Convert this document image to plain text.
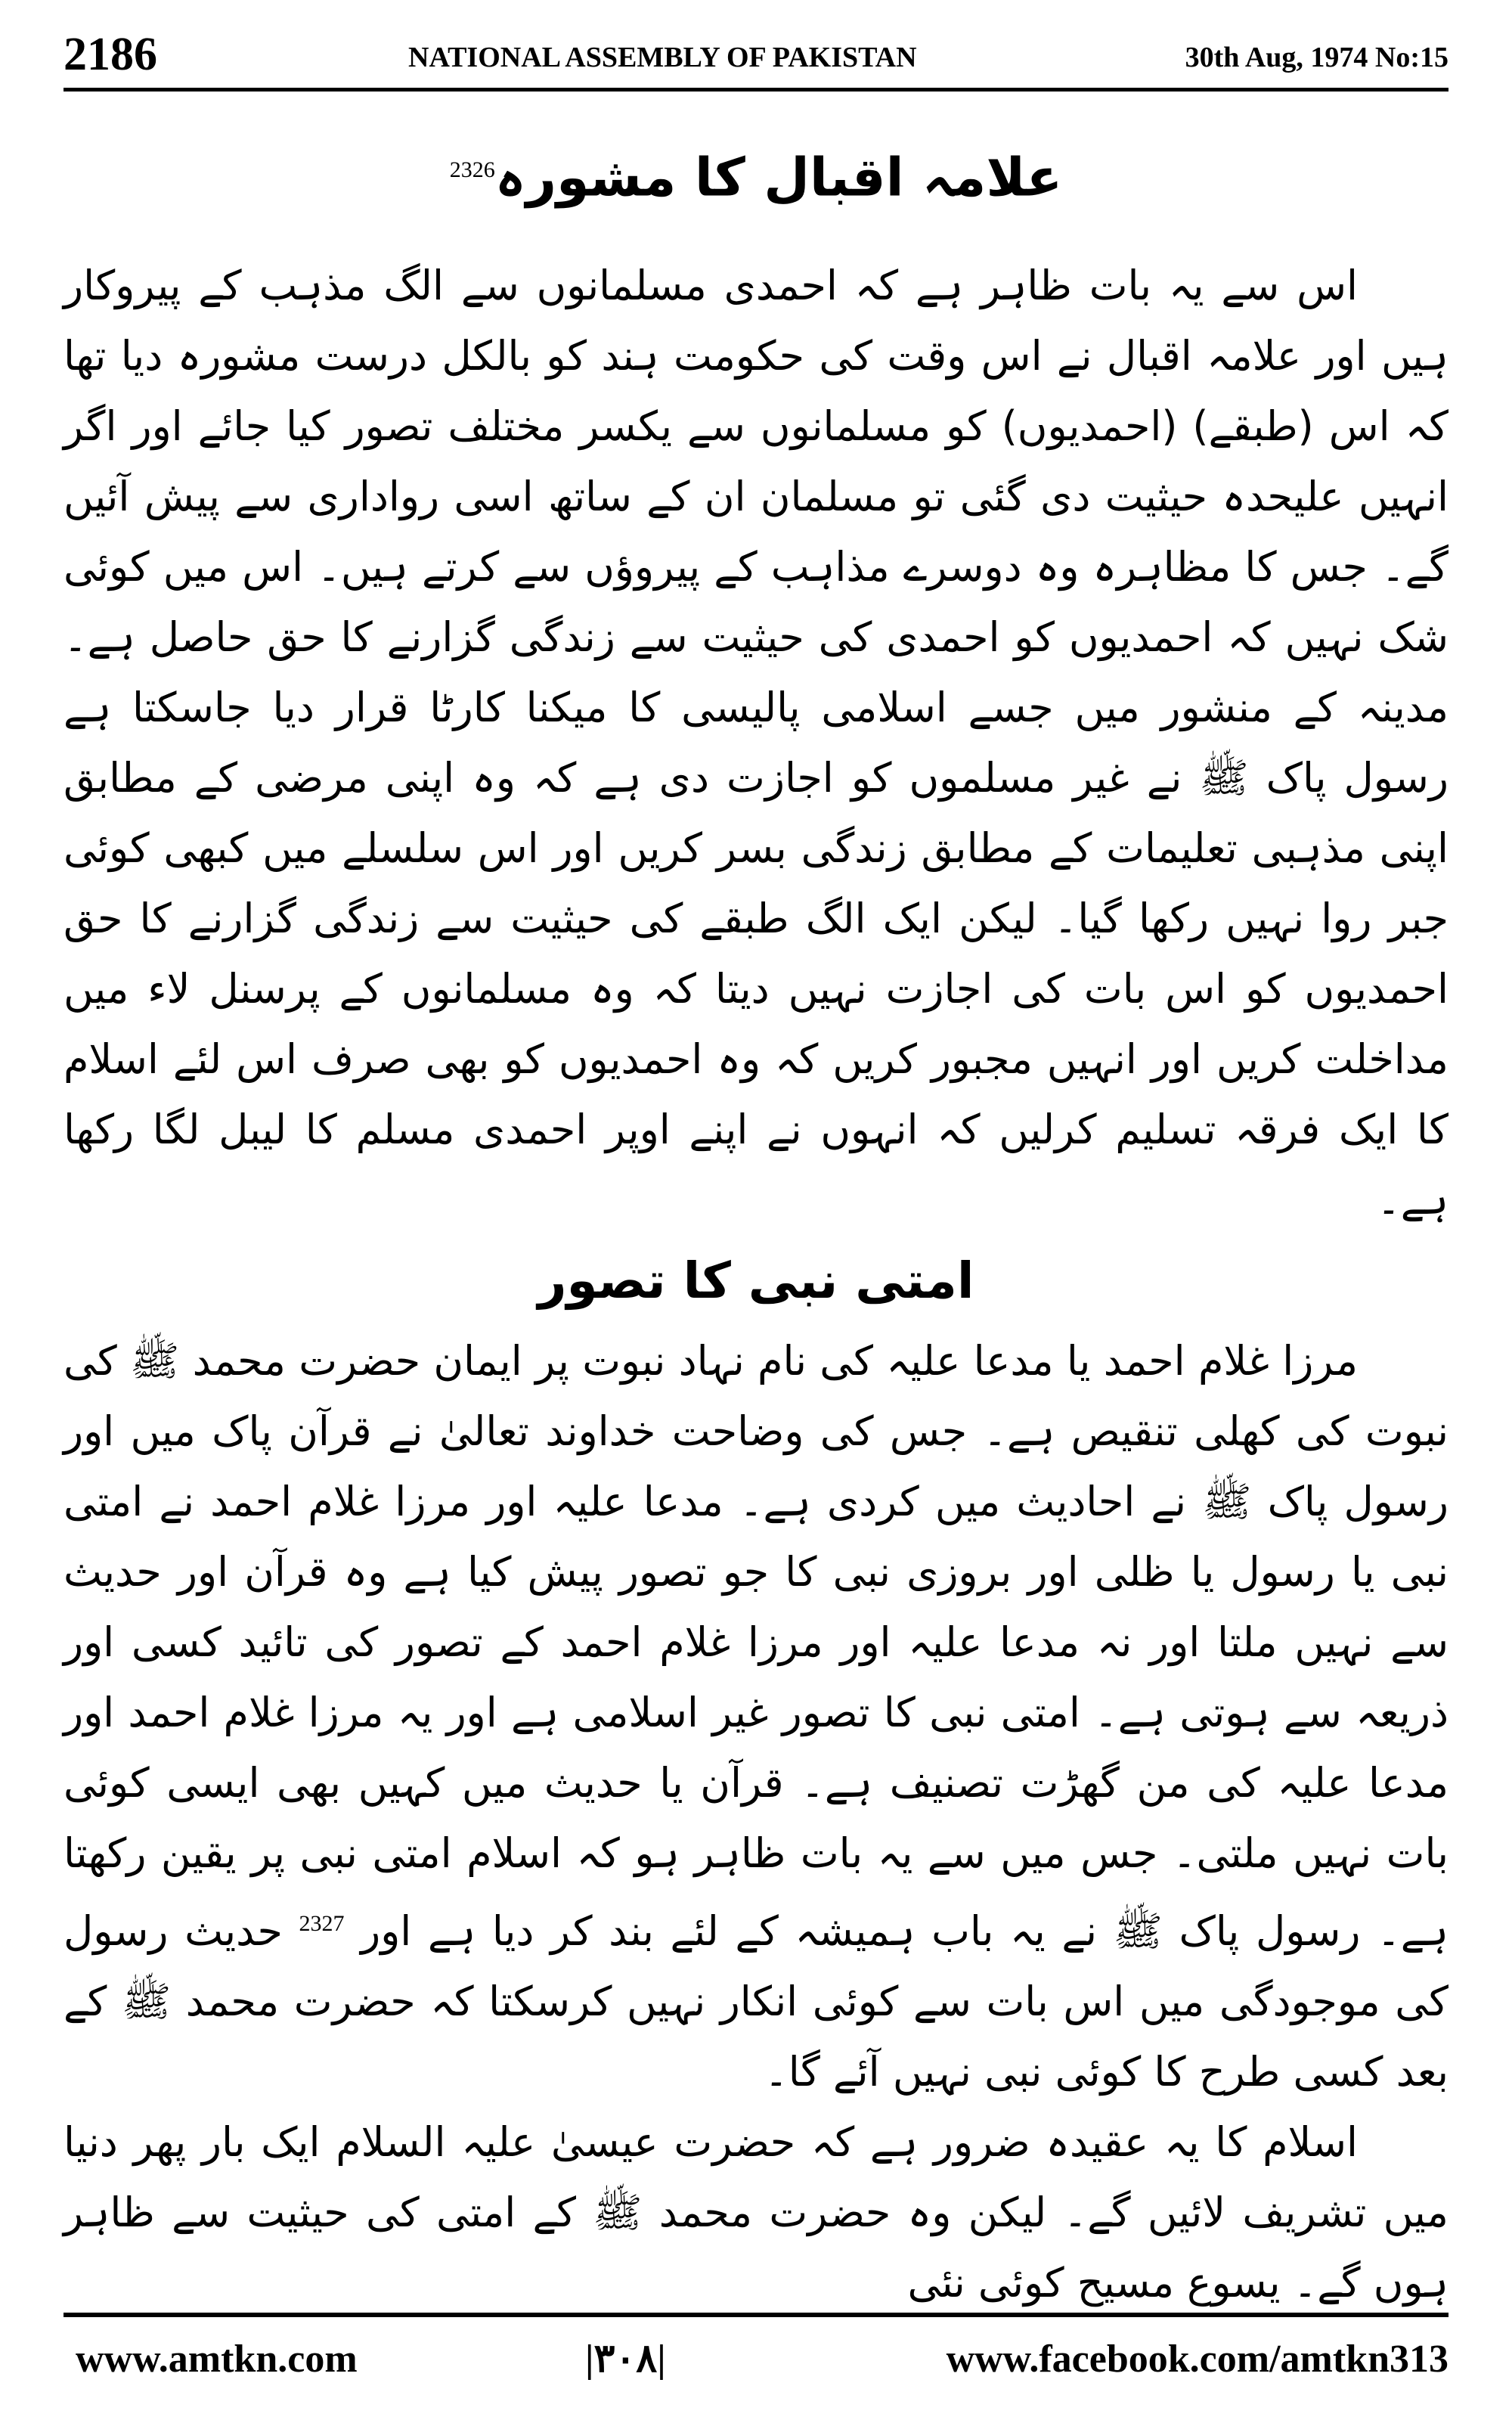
2186	NATIONAL ASSEMBLY OF PAKISTAN	30th Aug, 1974 No:15
علامہ اقبال کا مشورہ$^{2326}$

اس سے یہ بات ظاہر ہے کہ احمدی مسلمانوں سے الگ مذہب کے پیروکار ہیں اور علامہ اقبال نے اس وقت کی حکومت ہند کو بالکل درست مشورہ دیا تھا کہ اس (طبقے) (احمدیوں) کو مسلمانوں سے یکسر مختلف تصور کیا جائے اور اگر انہیں علیحدہ حیثیت دی گئی تو مسلمان ان کے ساتھ اسی رواداری سے پیش آئیں گے۔ جس کا مظاہرہ وہ دوسرے مذاہب کے پیروؤں سے کرتے ہیں۔ اس میں کوئی شک نہیں کہ احمدیوں کو احمدی کی حیثیت سے زندگی گزارنے کا حق حاصل ہے۔ مدینہ کے منشور میں جسے اسلامی پالیسی کا میکنا کارٹا قرار دیا جاسکتا ہے رسول پاک ﷺ نے غیر مسلموں کو اجازت دی ہے کہ وہ اپنی مرضی کے مطابق اپنی مذہبی تعلیمات کے مطابق زندگی بسر کریں اور اس سلسلے میں کبھی کوئی جبر روا نہیں رکھا گیا۔ لیکن ایک الگ طبقے کی حیثیت سے زندگی گزارنے کا حق احمدیوں کو اس بات کی اجازت نہیں دیتا کہ وہ مسلمانوں کے پرسنل لاء میں مداخلت کریں اور انہیں مجبور کریں کہ وہ احمدیوں کو بھی صرف اس لئے اسلام کا ایک فرقہ تسلیم کرلیں کہ انہوں نے اپنے اوپر احمدی مسلم کا لیبل لگا رکھا ہے۔

امتی نبی کا تصور

مرزا غلام احمد یا مدعا علیہ کی نام نہاد نبوت پر ایمان حضرت محمد ﷺ کی نبوت کی کھلی تنقیص ہے۔ جس کی وضاحت خداوند تعالیٰ نے قرآن پاک میں اور رسول پاک ﷺ نے احادیث میں کردی ہے۔ مدعا علیہ اور مرزا غلام احمد نے امتی نبی یا رسول یا ظلی اور بروزی نبی کا جو تصور پیش کیا ہے وہ قرآن اور حدیث سے نہیں ملتا اور نہ مدعا علیہ اور مرزا غلام احمد کے تصور کی تائید کسی اور ذریعہ سے ہوتی ہے۔ امتی نبی کا تصور غیر اسلامی ہے اور یہ مرزا غلام احمد اور مدعا علیہ کی من گھڑت تصنیف ہے۔ قرآن یا حدیث میں کہیں بھی ایسی کوئی بات نہیں ملتی۔ جس میں سے یہ بات ظاہر ہو کہ اسلام امتی نبی پر یقین رکھتا ہے۔ رسول پاک ﷺ نے یہ باب ہمیشہ کے لئے بند کر دیا ہے اور $^{2327}$ حدیث رسول کی موجودگی میں اس بات سے کوئی انکار نہیں کرسکتا کہ حضرت محمد ﷺ کے بعد کسی طرح کا کوئی نبی نہیں آئے گا۔

اسلام کا یہ عقیدہ ضرور ہے کہ حضرت عیسیٰ علیہ السلام ایک بار پھر دنیا میں تشریف لائیں گے۔ لیکن وہ حضرت محمد ﷺ کے امتی کی حیثیت سے ظاہر ہوں گے۔ یسوع مسیح کوئی نئی

www.amtkn.com	|۳۰۸|	www.facebook.com/amtkn313
